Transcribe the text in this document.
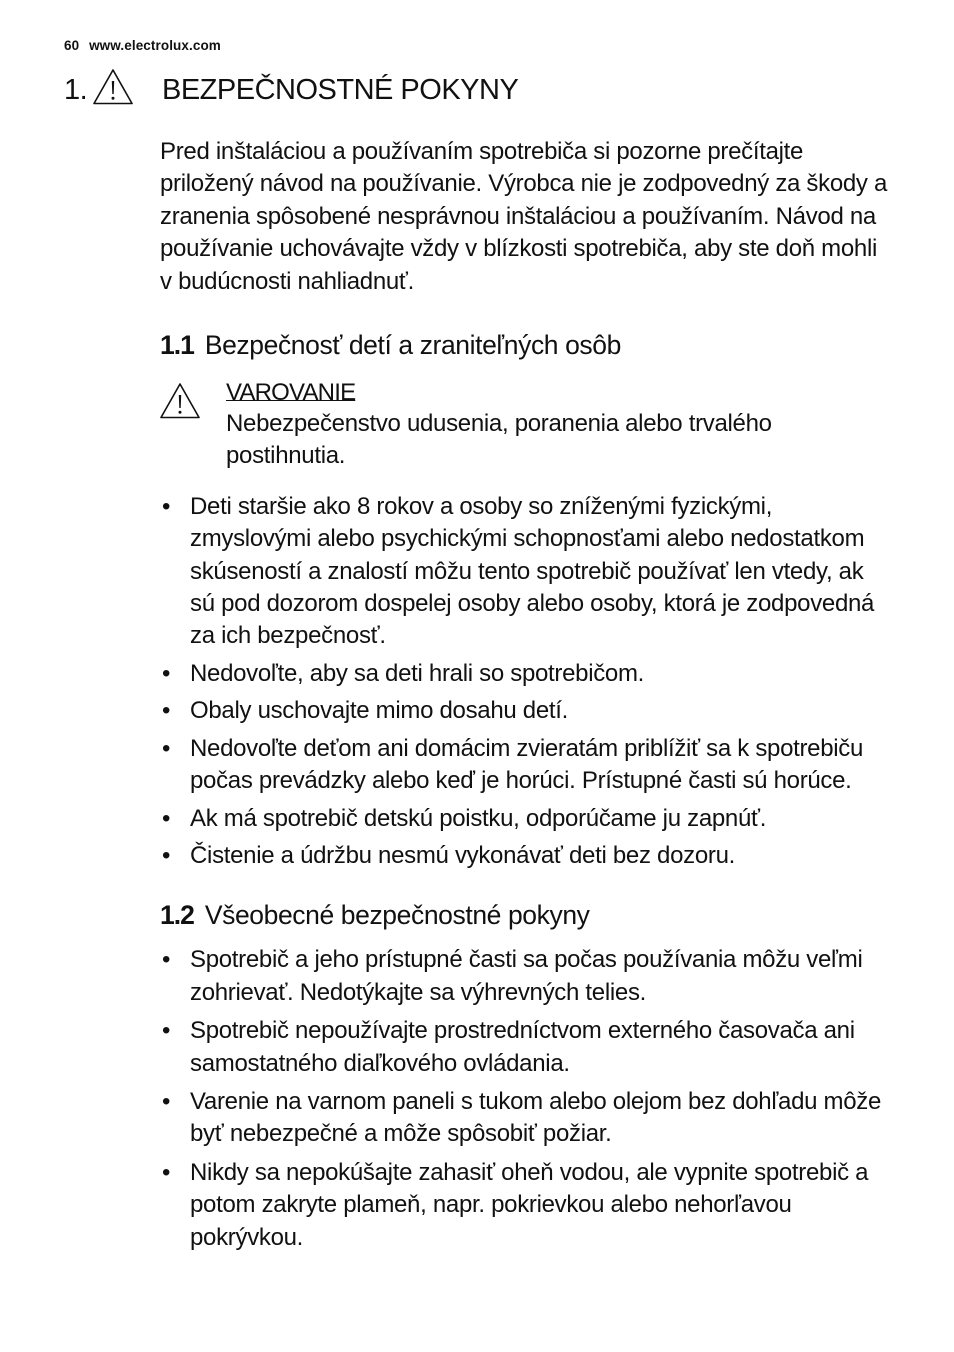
60 www.electrolux.com
1.	BEZPEČNOSTNÉ POKYNY

Pred inštaláciou a používaním spotrebiča si pozorne prečítajte priložený návod na používanie. Výrobca nie je zodpovedný za škody a zranenia spôsobené nesprávnou inštaláciou a používaním. Návod na používanie uchovávajte vždy v blízkosti spotrebiča, aby ste doň mohli v budúcnosti nahliadnuť.

1.1 Bezpečnosť detí a zraniteľných osôb
VAROVANIE
Nebezpečenstvo udusenia, poranenia alebo trvalého postihnutia.
• Deti staršie ako 8 rokov a osoby so zníženými fyzickými, zmyslovými alebo psychickými schopnosťami alebo nedostatkom skúseností a znalostí môžu tento spotrebič používať len vtedy, ak sú pod dozorom dospelej osoby alebo osoby, ktorá je zodpovedná za ich bezpečnosť.
• Nedovoľte, aby sa deti hrali so spotrebičom.
• Obaly uschovajte mimo dosahu detí.
• Nedovoľte deťom ani domácim zvieratám priblížiť sa k spotrebiču počas prevádzky alebo keď je horúci. Prístupné časti sú horúce.
• Ak má spotrebič detskú poistku, odporúčame ju zapnúť.
• Čistenie a údržbu nesmú vykonávať deti bez dozoru.
1.2 Všeobecné bezpečnostné pokyny
• Spotrebič a jeho prístupné časti sa počas používania môžu veľmi zohrievať. Nedotýkajte sa výhrevných telies.
• Spotrebič nepoužívajte prostredníctvom externého časovača ani samostatného diaľkového ovládania.
• Varenie na varnom paneli s tukom alebo olejom bez dohľadu môže byť nebezpečné a môže spôsobiť požiar.
• Nikdy sa nepokúšajte zahasiť oheň vodou, ale vypnite spotrebič a potom zakryte plameň, napr. pokrievkou alebo nehorľavou pokrývkou.
